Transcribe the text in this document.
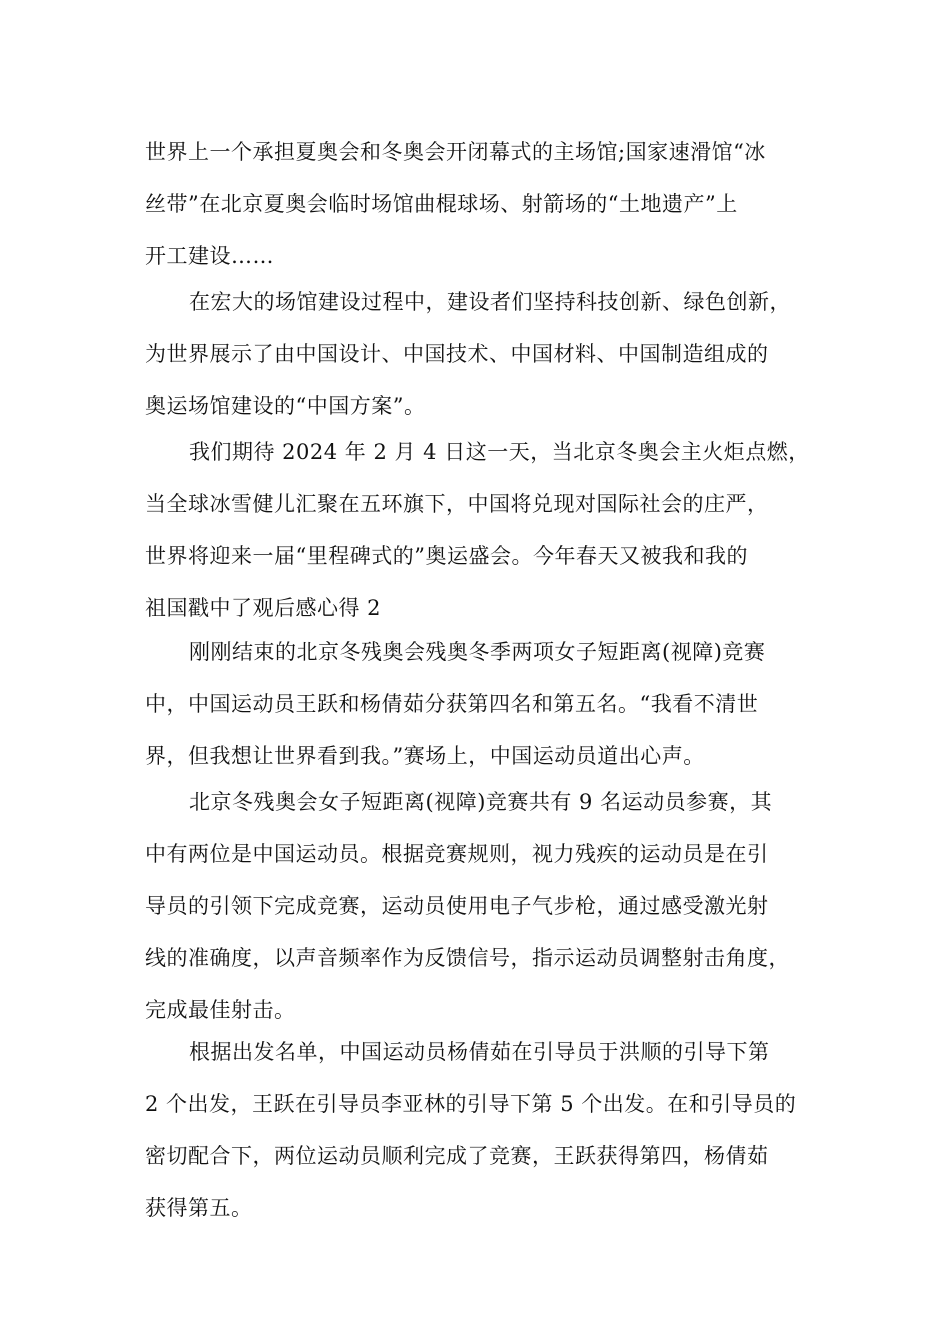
世界上一个承担夏奥会和冬奥会开闭幕式的主场馆;国家速滑馆“冰
丝带”在北京夏奥会临时场馆曲棍球场、射箭场的“土地遗产”上
开工建设……
在宏大的场馆建设过程中，建设者们坚持科技创新、绿色创新，
为世界展示了由中国设计、中国技术、中国材料、中国制造组成的
奥运场馆建设的“中国方案”。
我们期待 2024 年 2 月 4 日这一天，当北京冬奥会主火炬点燃，
当全球冰雪健儿汇聚在五环旗下，中国将兑现对国际社会的庄严，
世界将迎来一届“里程碑式的”奥运盛会。今年春天又被我和我的
祖国戳中了观后感心得 2
刚刚结束的北京冬残奥会残奥冬季两项女子短距离(视障)竞赛
中，中国运动员王跃和杨倩茹分获第四名和第五名。“我看不清世
界，但我想让世界看到我。”赛场上，中国运动员道出心声。
北京冬残奥会女子短距离(视障)竞赛共有 9 名运动员参赛，其
中有两位是中国运动员。根据竞赛规则，视力残疾的运动员是在引
导员的引领下完成竞赛，运动员使用电子气步枪，通过感受激光射
线的准确度，以声音频率作为反馈信号，指示运动员调整射击角度，
完成最佳射击。
根据出发名单，中国运动员杨倩茹在引导员于洪顺的引导下第
2 个出发，王跃在引导员李亚林的引导下第 5 个出发。在和引导员的
密切配合下，两位运动员顺利完成了竞赛，王跃获得第四，杨倩茹
获得第五。
